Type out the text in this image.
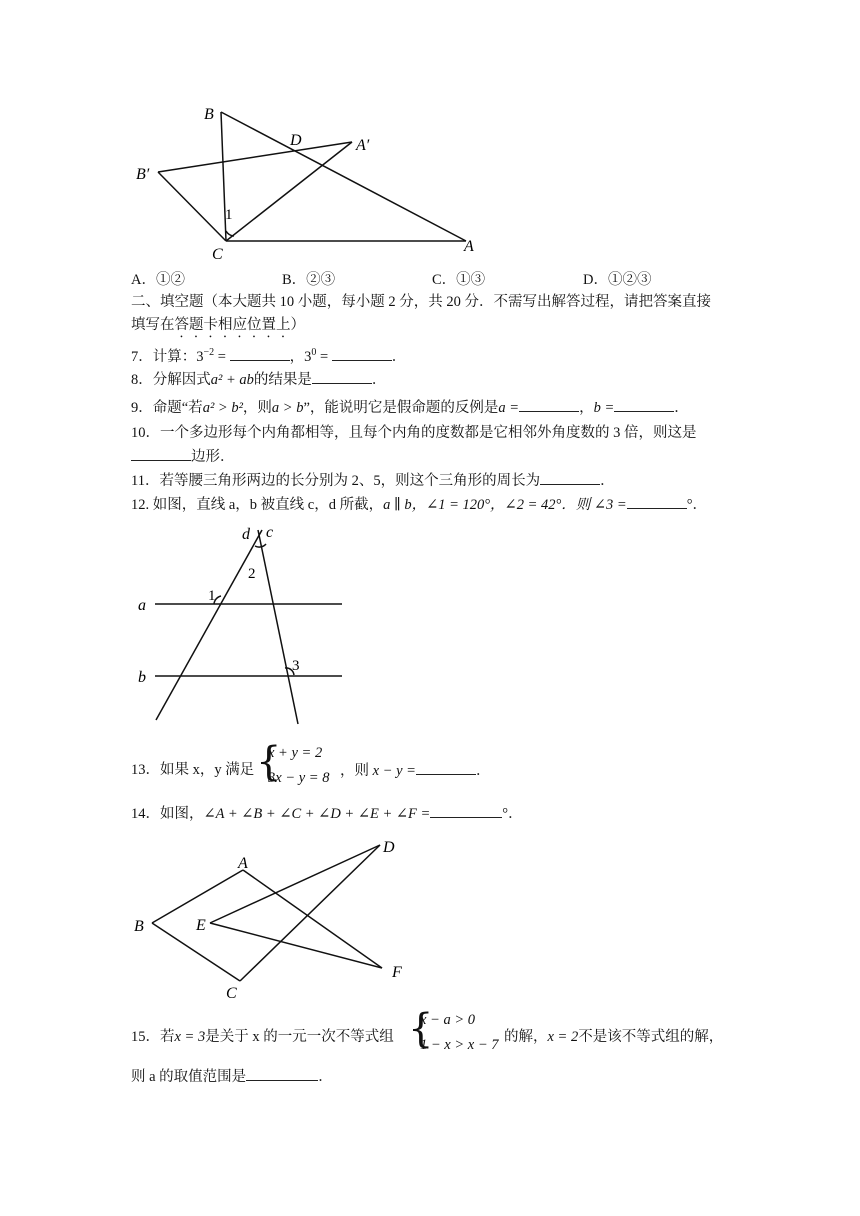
B
D	A′
B′
1
C	A
A．①②	B．②③	C．①③	D．①②③
二、填空题（本大题共 10 小题，每小题 2 分，共 20 分．不需写出解答过程，请把答案直接
填写在答题卡相应位置上）
7．计算：$3^{-2}$ =	，$3^0$ =	．
8．分解因式a² + ab的结果是	．
9．命题“若a² > b²，则a > b”，能说明它是假命题的反例是a =	，b =	．
10．一个多边形每个内角都相等，且每个内角的度数都是它相邻外角度数的 3 倍，则这是
边形．
11．若等腰三角形两边的长分别为 2、5，则这个三角形的周长为	．
12. 如图，直线 a，b 被直线 c，d 所截，a ∥ b，∠1 = 120°，∠2 = 42°．则 ∠3 =	°．
d c
2
a
1
b
3
13．如果 x，y 满足 {
x + y = 2
3x − y = 8 ，则 x − y =	．
14．如图，∠A + ∠B + ∠C + ∠D + ∠E + ∠F =	°．
A
D
B	E
F
C
15．若x = 3是关于 x 的一元一次不等式组 {
x − a > 0
1 − x > x − 7 的解，x = 2不是该不等式组的解，
则 a 的取值范围是	．
